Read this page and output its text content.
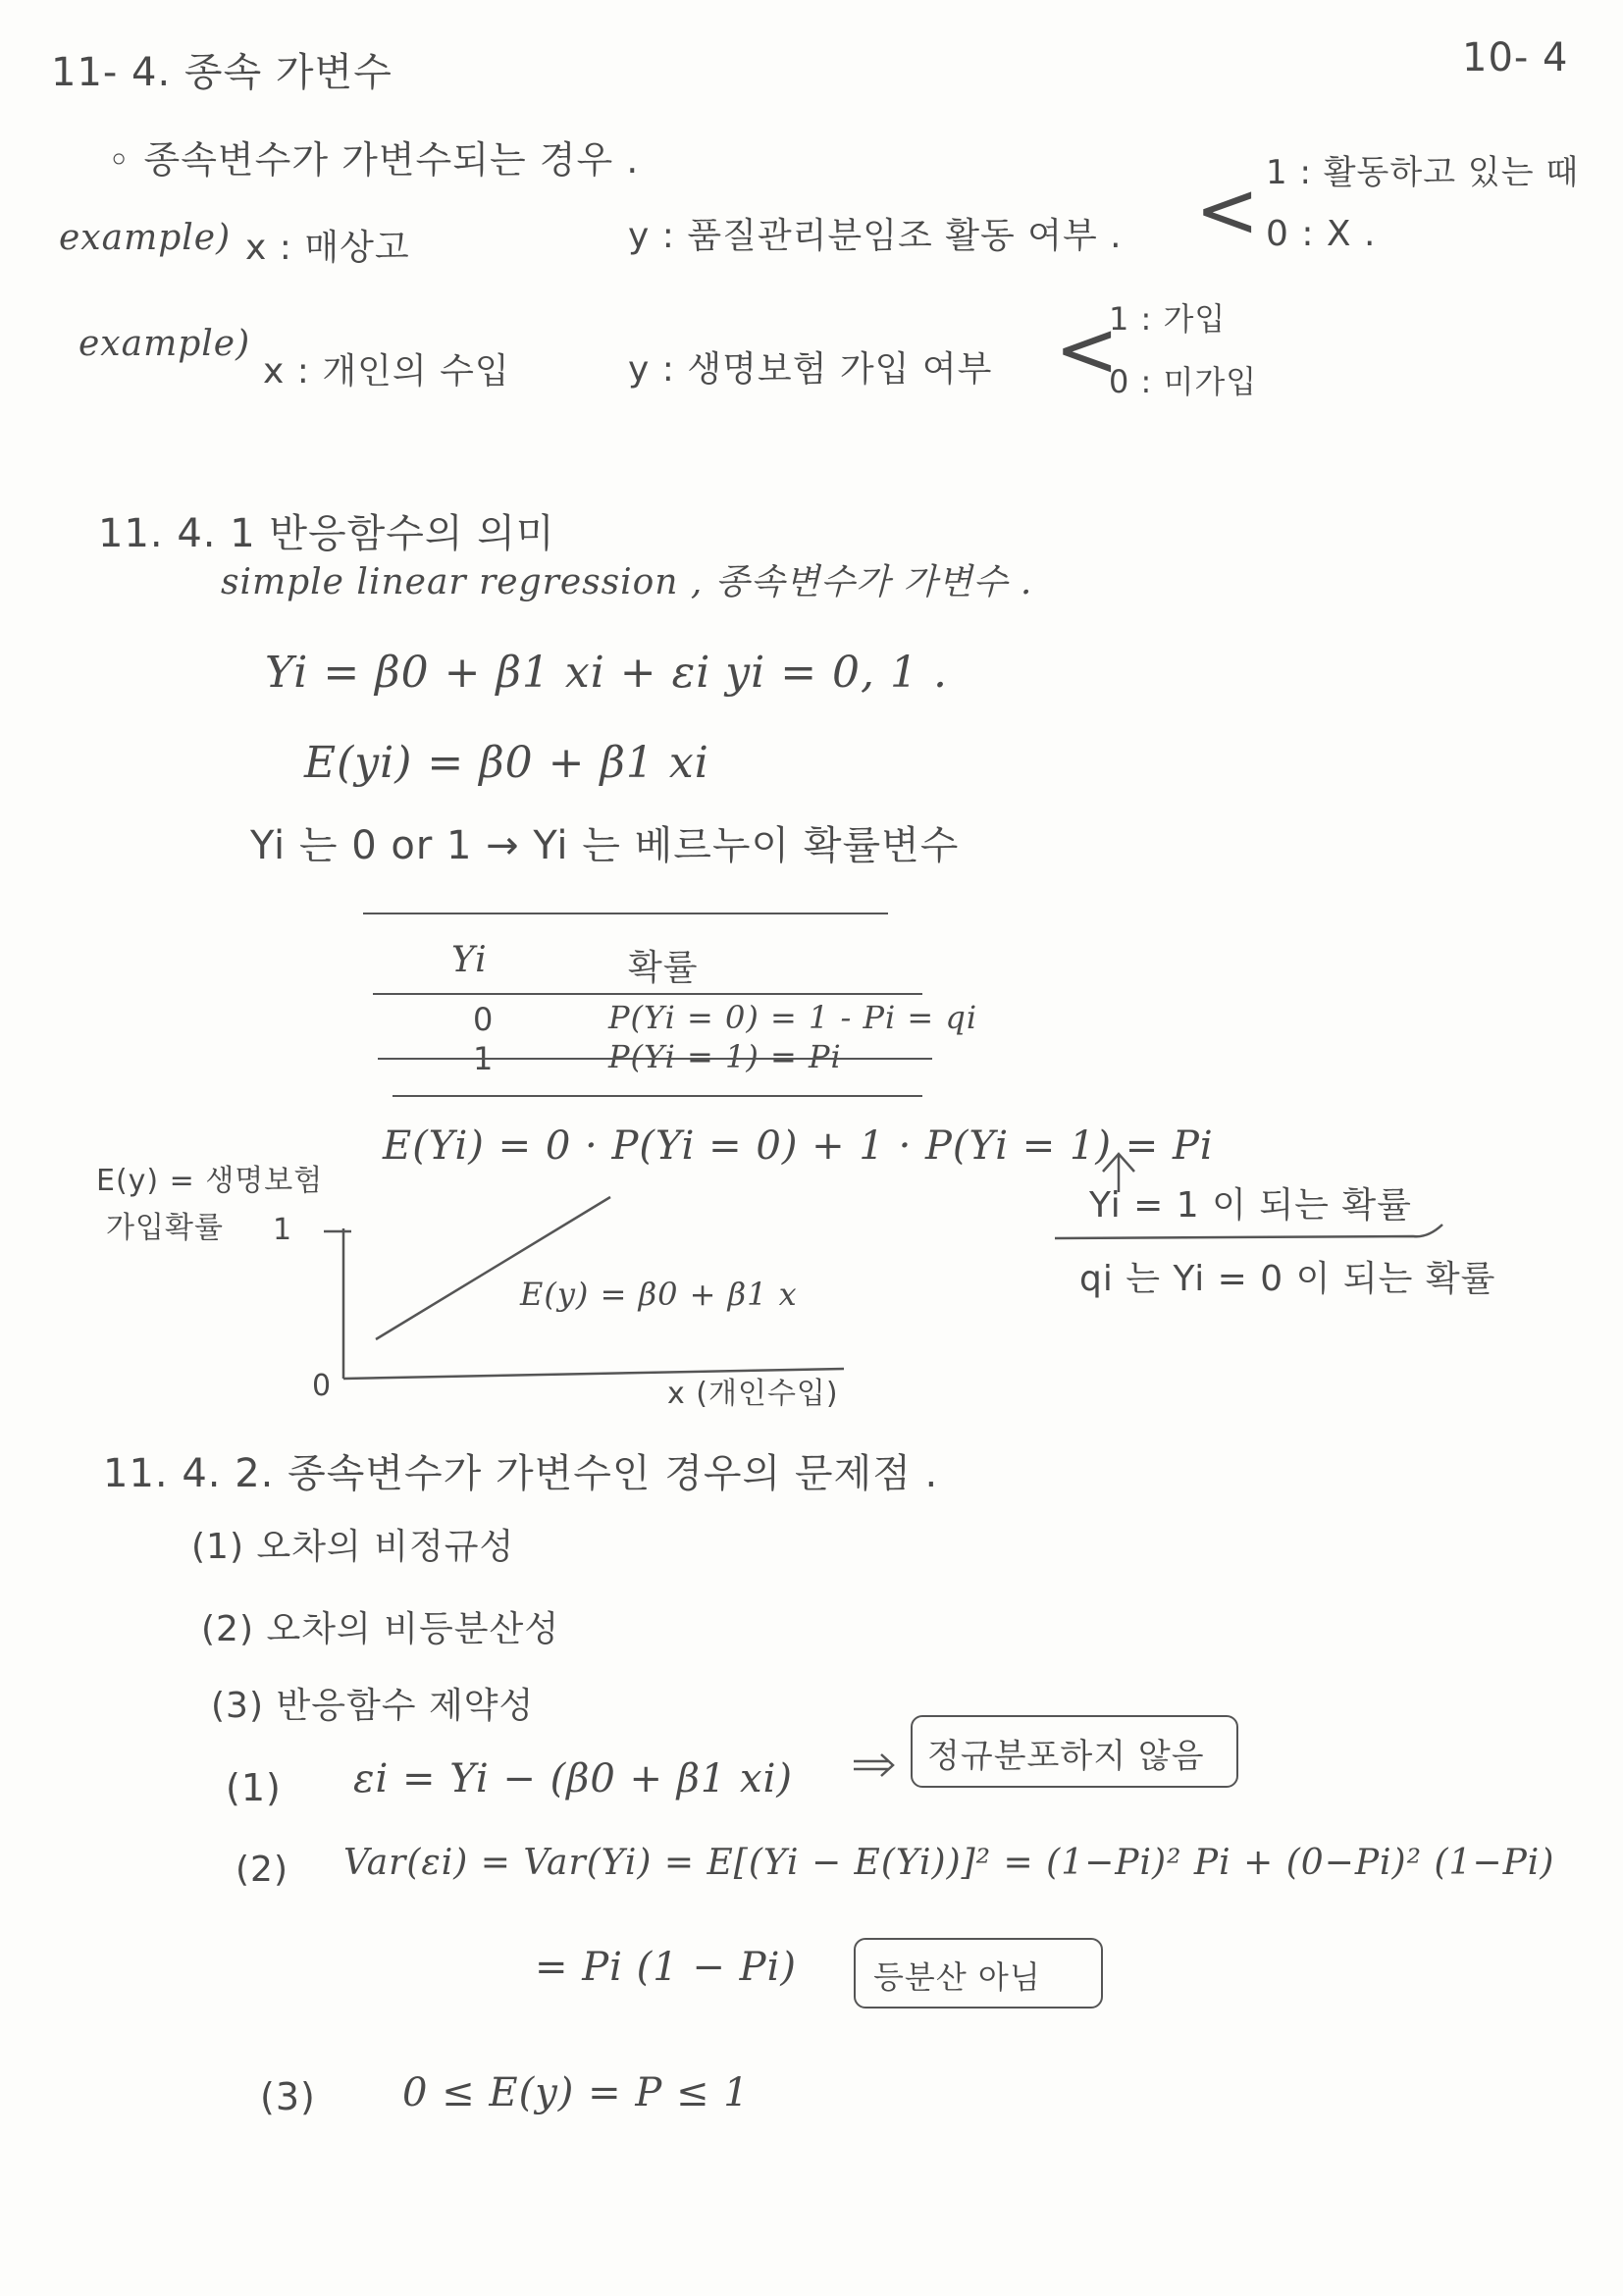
11- 4. 종속 가변수	10- 4
◦ 종속변수가 가변수되는 경우 .
example) x : 매상고	y : 품질관리분임조 활동 여부 . < 1 : 활동하고 있는 때
0 : X .
example)
x : 개인의 수입	y : 생명보험 가입 여부 <
1 : 가입
0 : 미가입
11. 4. 1 반응함수의 의미
simple linear regression , 종속변수가 가변수 .
Yi = β0 + β1 xi + εi yi = 0, 1 .
E(yi) = β0 + β1 xi
Yi 는 0 or 1 → Yi 는 베르누이 확률변수
Yi	확률
0	P(Yi = 0) = 1 - Pi = qi
1	P(Yi = 1) = Pi
E(Yi) = 0 · P(Yi = 0) + 1 · P(Yi = 1) = Pi
Yi = 1 이 되는 확률
qi 는 Yi = 0 이 되는 확률
E(y) = 생명보험
가입확률 1
0
E(y) = β0 + β1 x
x (개인수입)
11. 4. 2. 종속변수가 가변수인 경우의 문제점 .
(1) 오차의 비정규성
(2) 오차의 비등분산성
(3) 반응함수 제약성
(1) εi = Yi − (β0 + β1 xi)	정규분포하지 않음
(2) Var(εi) = Var(Yi) = E[(Yi − E(Yi))]² = (1−Pi)² Pi + (0−Pi)² (1−Pi)
= Pi (1 − Pi) 등분산 아님
(3) 0 ≤ E(y) = P ≤ 1
